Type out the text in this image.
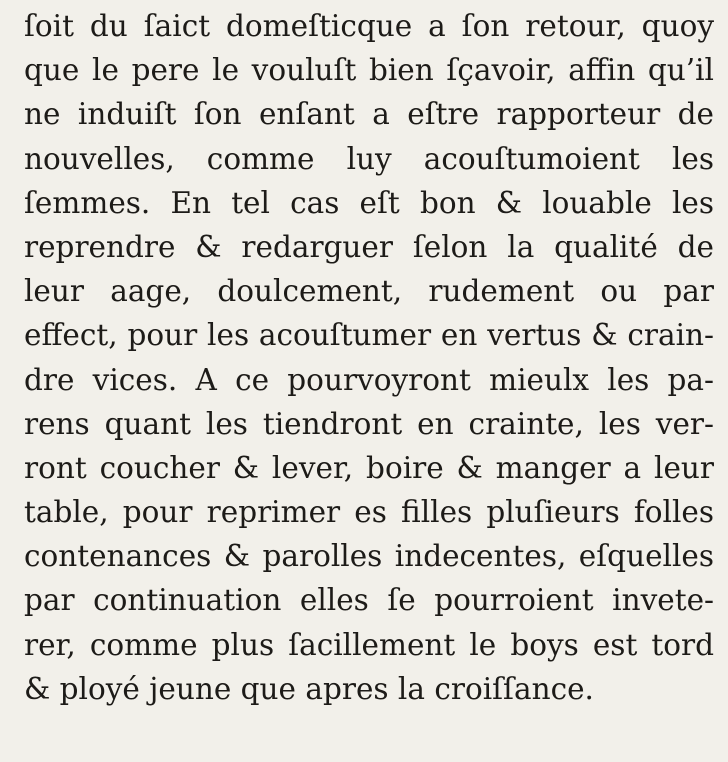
ſoit du ſaict domeſticque a ſon retour, quoy
que le pere le vouluſt bien ſçavoir, affin qu’il
ne induiſt ſon enſant a eſtre rapporteur de
nouvelles, comme luy acouſtumoient les
ſemmes. En tel cas eſt bon & louable les
reprendre & redarguer ſelon la qualité de
leur aage, doulcement, rudement ou par
effect, pour les acouſtumer en vertus & crain-
dre vices. A ce pourvoyront mieulx les pa-
rens quant les tiendront en crainte, les ver-
ront coucher & lever, boire & manger a leur
table, pour reprimer es filles pluſieurs folles
contenances & parolles indecentes, eſquelles
par continuation elles ſe pourroient invete-
rer, comme plus ſacillement le boys est tord
& ployé jeune que apres la croiſſance.
